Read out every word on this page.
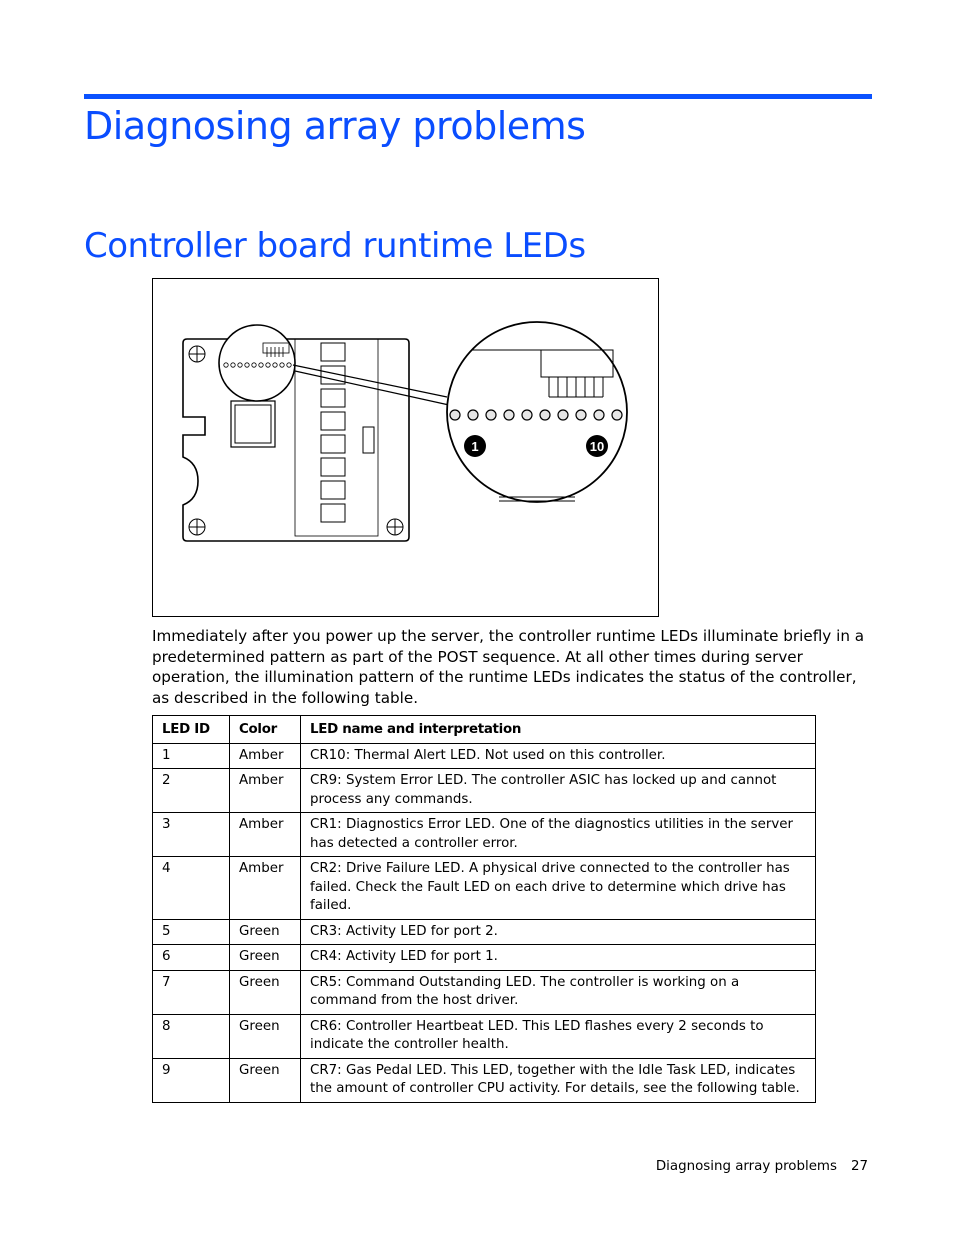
Diagnosing array problems
Controller board runtime LEDs
1	10

Immediately after you power up the server, the controller runtime LEDs illuminate briefly in a predetermined pattern as part of the POST sequence. At all other times during server operation, the illumination pattern of the runtime LEDs indicates the status of the controller, as described in the following table.

LED ID	Color	LED name and interpretation
1	Amber	CR10: Thermal Alert LED. Not used on this controller.
2	Amber	CR9: System Error LED. The controller ASIC has locked up and cannot process any commands.
3	Amber	CR1: Diagnostics Error LED. One of the diagnostics utilities in the server has detected a controller error.
4	Amber	CR2: Drive Failure LED. A physical drive connected to the controller has failed. Check the Fault LED on each drive to determine which drive has failed.
5	Green	CR3: Activity LED for port 2.
6	Green	CR4: Activity LED for port 1.
7	Green	CR5: Command Outstanding LED. The controller is working on a command from the host driver.
8	Green	CR6: Controller Heartbeat LED. This LED flashes every 2 seconds to indicate the controller health.
9	Green	CR7: Gas Pedal LED. This LED, together with the Idle Task LED, indicates the amount of controller CPU activity. For details, see the following table.
Diagnosing array problems 27
